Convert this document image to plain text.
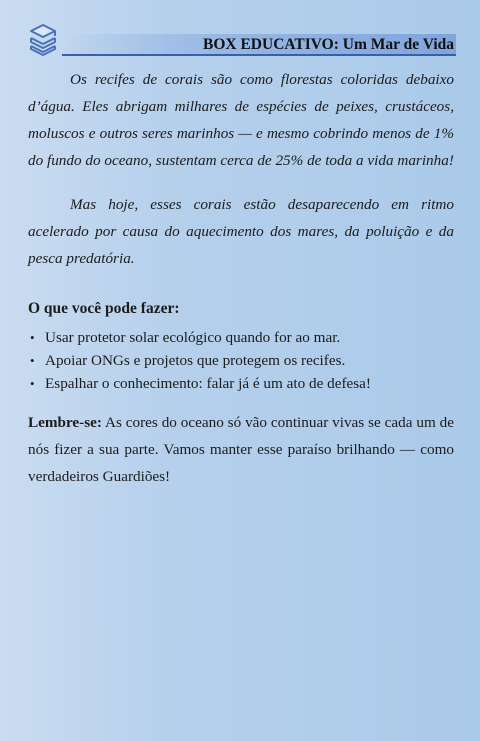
BOX EDUCATIVO: Um Mar de Vida

Os recifes de corais são como florestas coloridas debaixo d’água. Eles abrigam milhares de espécies de peixes, crustáceos, moluscos e outros seres marinhos — e mesmo cobrindo menos de 1% do fundo do oceano, sustentam cerca de 25% de toda a vida marinha!

Mas hoje, esses corais estão desaparecendo em ritmo acelerado por causa do aquecimento dos mares, da poluição e da pesca predatória.

O que você pode fazer:
• Usar protetor solar ecológico quando for ao mar.
• Apoiar ONGs e projetos que protegem os recifes.
• Espalhar o conhecimento: falar já é um ato de defesa!
Lembre-se: As cores do oceano só vão continuar vivas se cada um de nós fizer a sua parte. Vamos manter esse paraíso brilhando — como verdadeiros Guardiões!
